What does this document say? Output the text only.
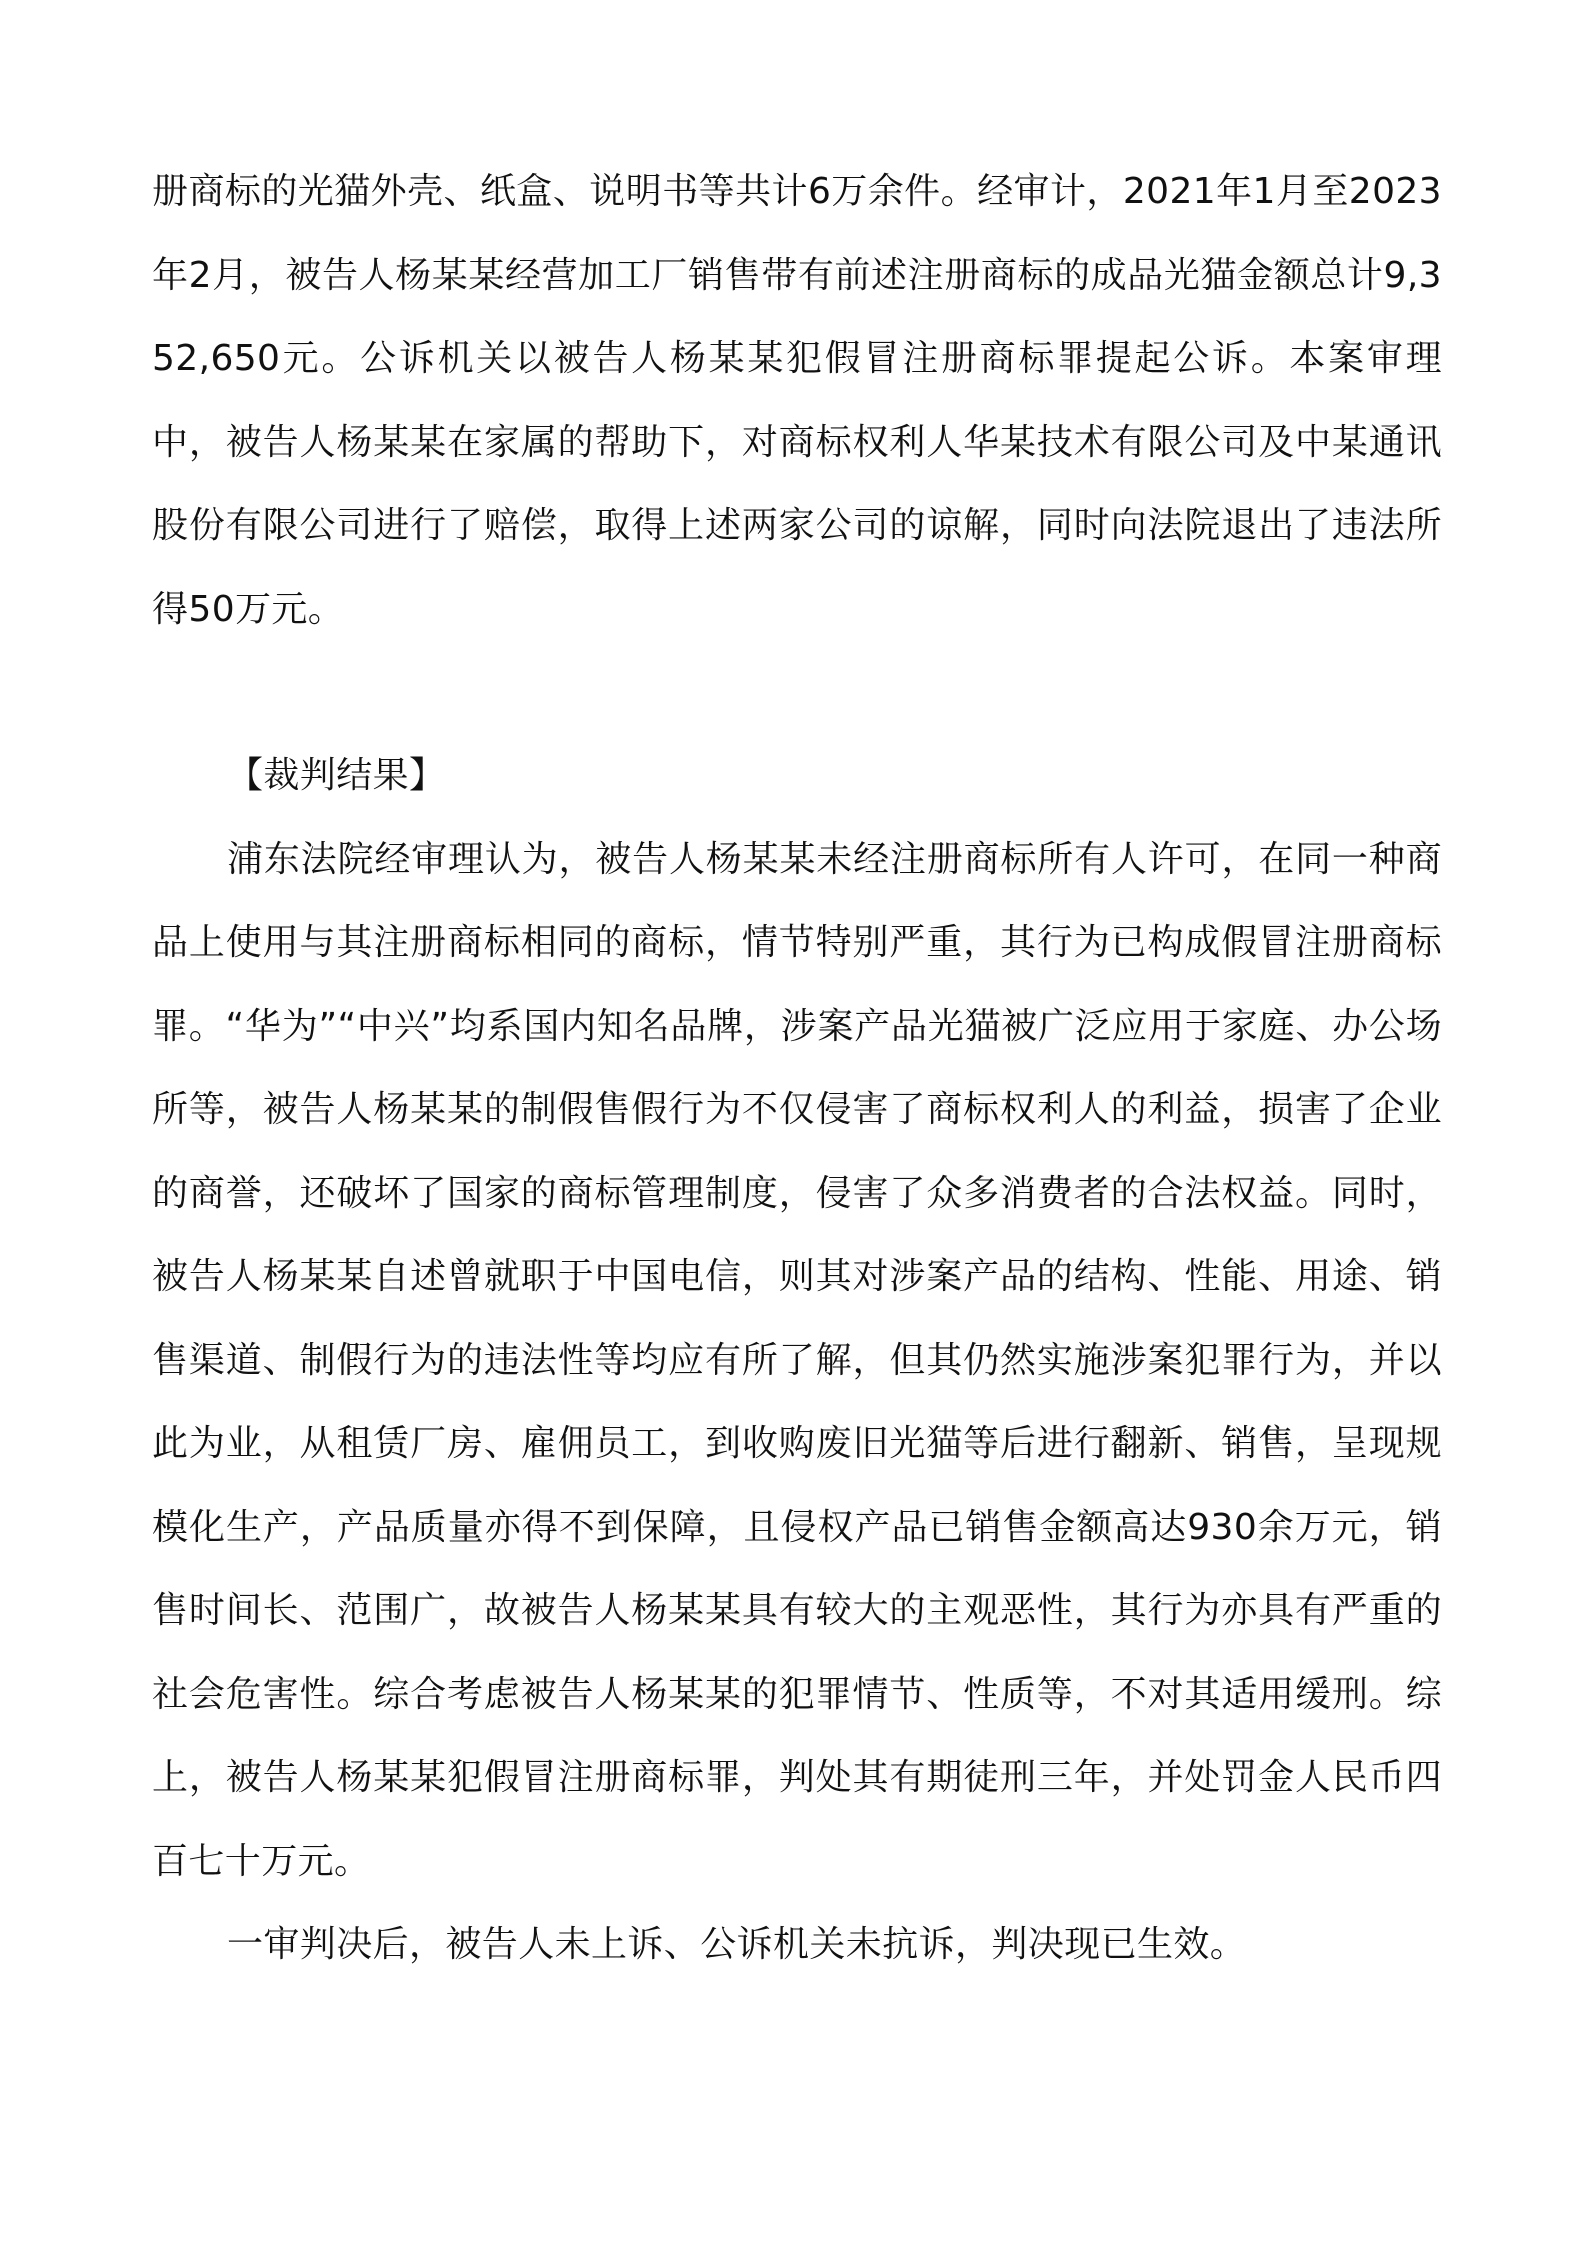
册商标的光猫外壳、纸盒、说明书等共计6万余件。经审计，2021年1月至2023年2月，被告人杨某某经营加工厂销售带有前述注册商标的成品光猫金额总计9,352,650元。公诉机关以被告人杨某某犯假冒注册商标罪提起公诉。本案审理中，被告人杨某某在家属的帮助下，对商标权利人华某技术有限公司及中某通讯股份有限公司进行了赔偿，取得上述两家公司的谅解，同时向法院退出了违法所得50万元。

【裁判结果】

浦东法院经审理认为，被告人杨某某未经注册商标所有人许可，在同一种商品上使用与其注册商标相同的商标，情节特别严重，其行为已构成假冒注册商标罪。“华为”“中兴”均系国内知名品牌，涉案产品光猫被广泛应用于家庭、办公场所等，被告人杨某某的制假售假行为不仅侵害了商标权利人的利益，损害了企业的商誉，还破坏了国家的商标管理制度，侵害了众多消费者的合法权益。同时，被告人杨某某自述曾就职于中国电信，则其对涉案产品的结构、性能、用途、销售渠道、制假行为的违法性等均应有所了解，但其仍然实施涉案犯罪行为，并以此为业，从租赁厂房、雇佣员工，到收购废旧光猫等后进行翻新、销售，呈现规模化生产，产品质量亦得不到保障，且侵权产品已销售金额高达930余万元，销售时间长、范围广，故被告人杨某某具有较大的主观恶性，其行为亦具有严重的社会危害性。综合考虑被告人杨某某的犯罪情节、性质等，不对其适用缓刑。综上，被告人杨某某犯假冒注册商标罪，判处其有期徒刑三年，并处罚金人民币四百七十万元。

一审判决后，被告人未上诉、公诉机关未抗诉，判决现已生效。
